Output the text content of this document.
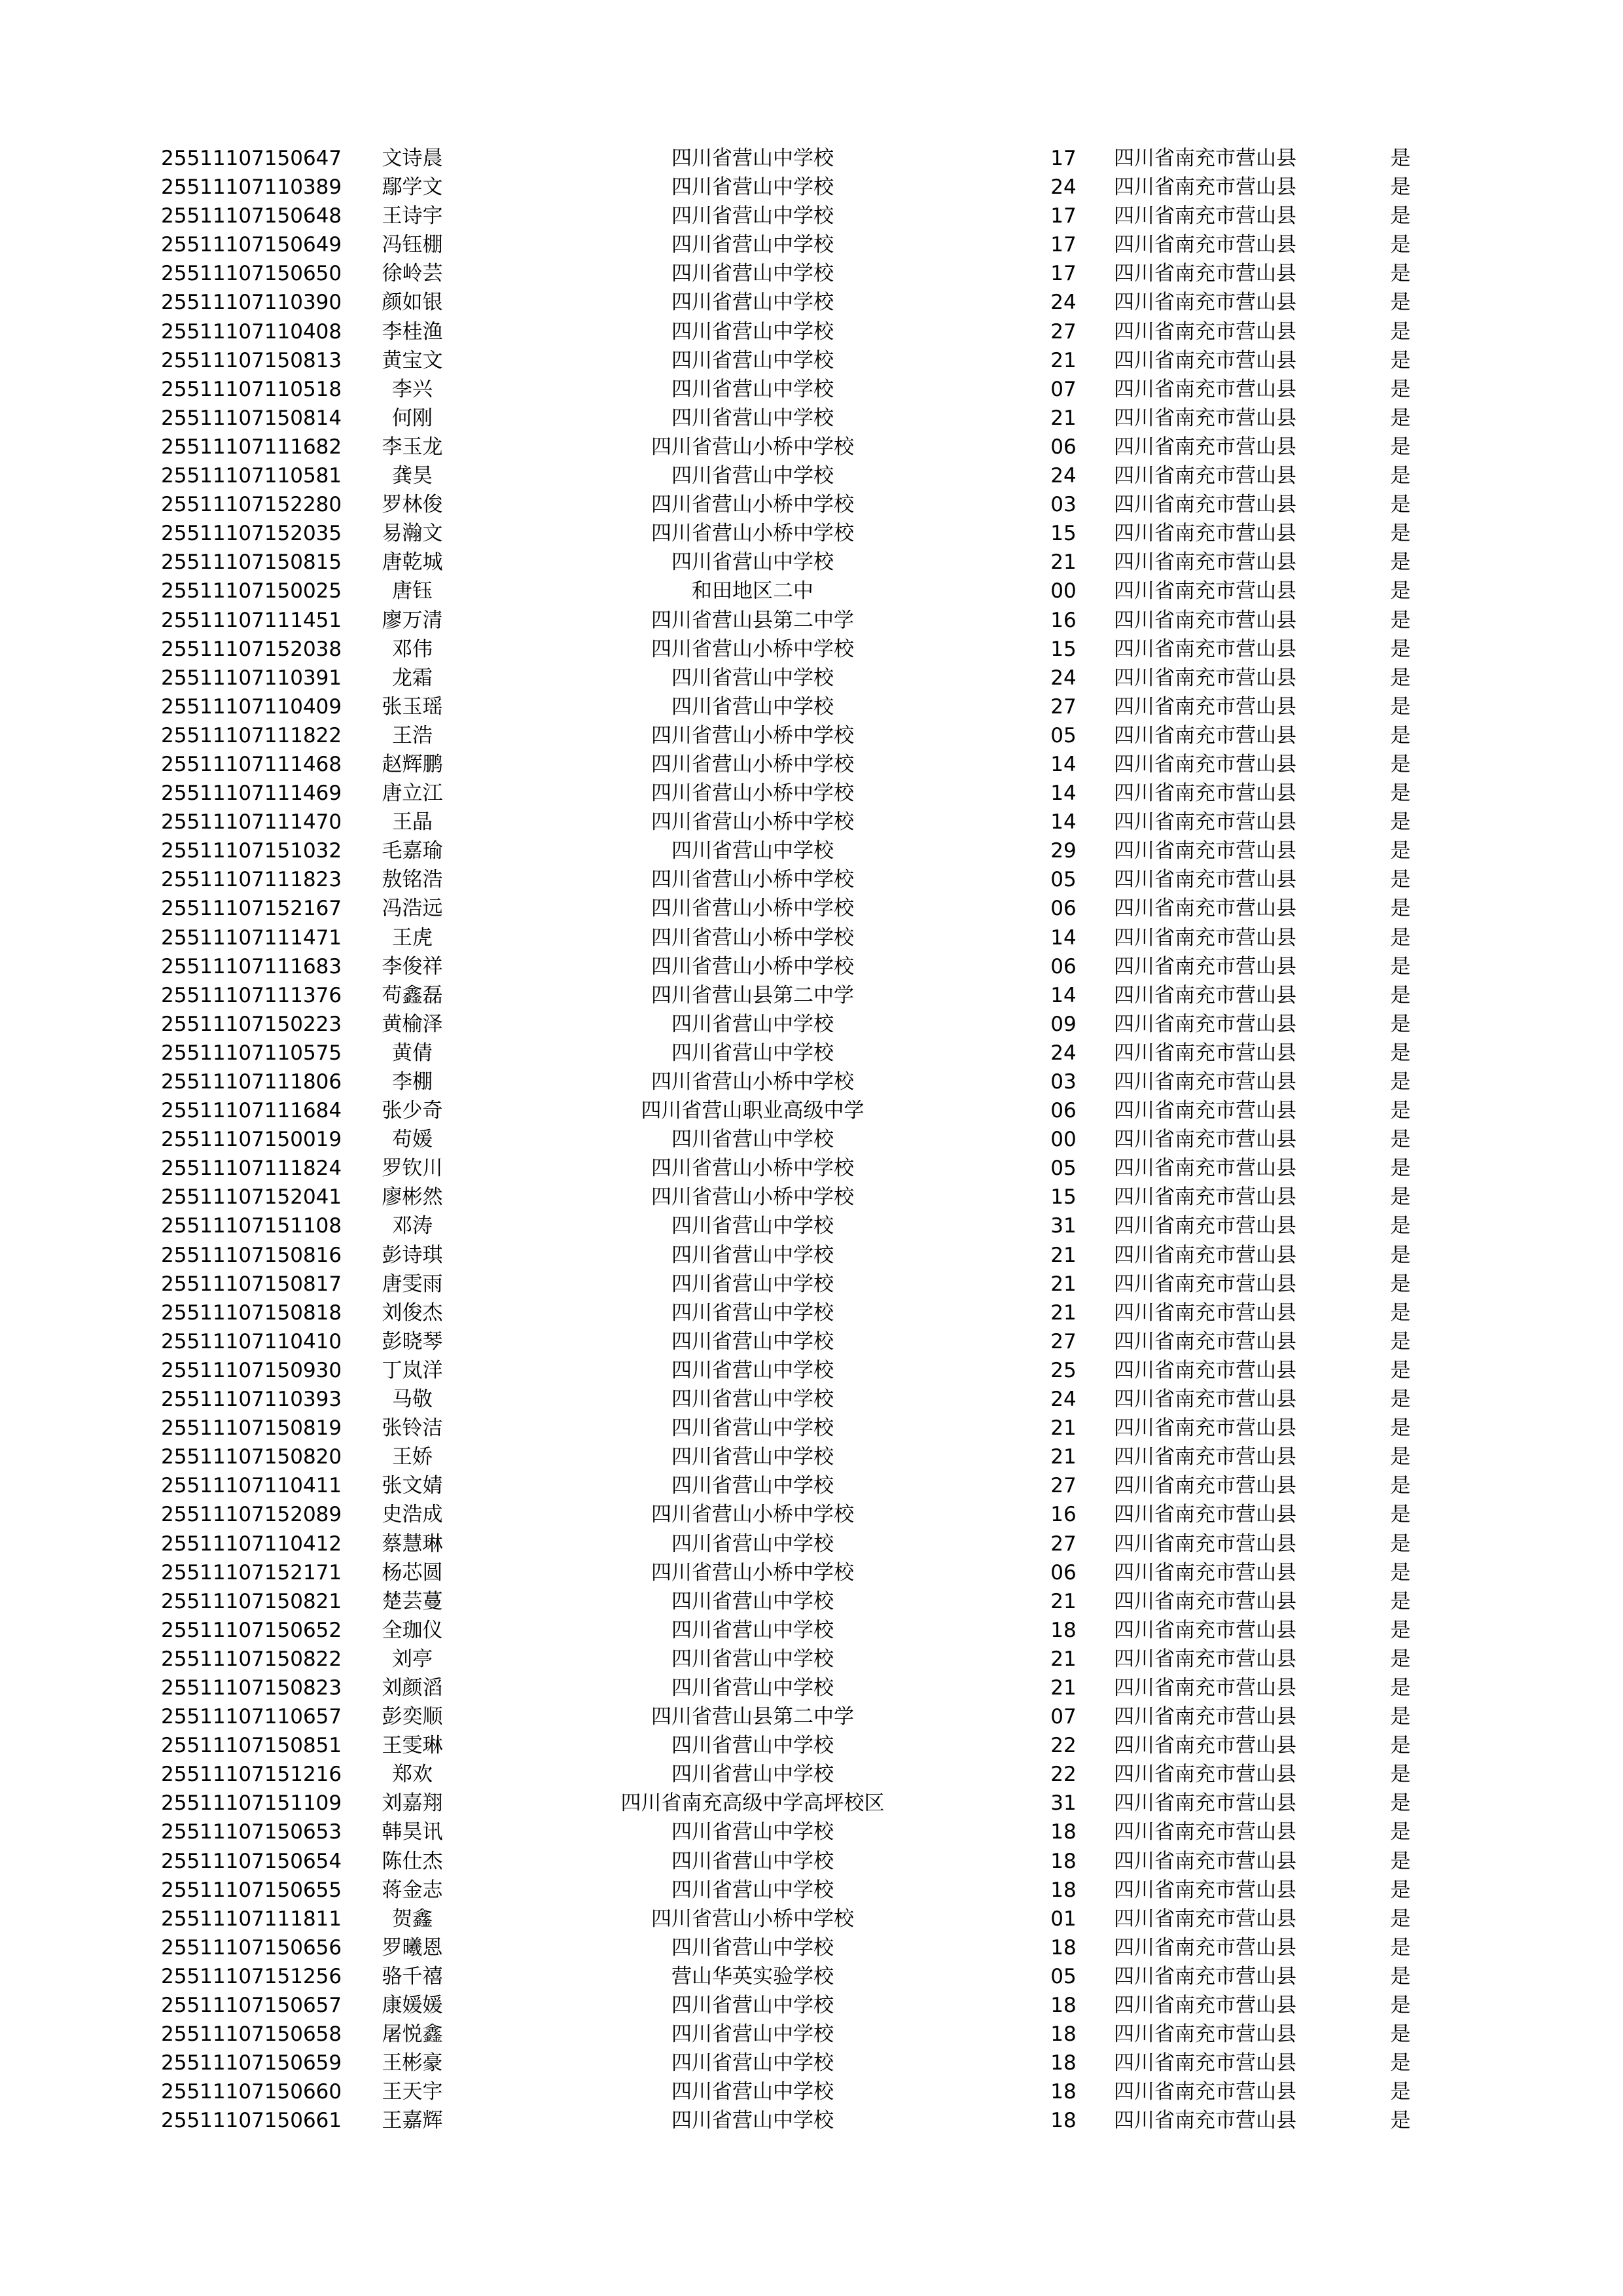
25511107150647	文诗晨	四川省营山中学校	17	四川省南充市营山县	是
25511107110389	鄢学文	四川省营山中学校	24	四川省南充市营山县	是
25511107150648	王诗宇	四川省营山中学校	17	四川省南充市营山县	是
25511107150649	冯钰棚	四川省营山中学校	17	四川省南充市营山县	是
25511107150650	徐岭芸	四川省营山中学校	17	四川省南充市营山县	是
25511107110390	颜如银	四川省营山中学校	24	四川省南充市营山县	是
25511107110408	李桂渔	四川省营山中学校	27	四川省南充市营山县	是
25511107150813	黄宝文	四川省营山中学校	21	四川省南充市营山县	是
25511107110518	李兴	四川省营山中学校	07	四川省南充市营山县	是
25511107150814	何刚	四川省营山中学校	21	四川省南充市营山县	是
25511107111682	李玉龙	四川省营山小桥中学校	06	四川省南充市营山县	是
25511107110581	龚昊	四川省营山中学校	24	四川省南充市营山县	是
25511107152280	罗林俊	四川省营山小桥中学校	03	四川省南充市营山县	是
25511107152035	易瀚文	四川省营山小桥中学校	15	四川省南充市营山县	是
25511107150815	唐乾城	四川省营山中学校	21	四川省南充市营山县	是
25511107150025	唐钰	和田地区二中	00	四川省南充市营山县	是
25511107111451	廖万清	四川省营山县第二中学	16	四川省南充市营山县	是
25511107152038	邓伟	四川省营山小桥中学校	15	四川省南充市营山县	是
25511107110391	龙霜	四川省营山中学校	24	四川省南充市营山县	是
25511107110409	张玉瑶	四川省营山中学校	27	四川省南充市营山县	是
25511107111822	王浩	四川省营山小桥中学校	05	四川省南充市营山县	是
25511107111468	赵辉鹏	四川省营山小桥中学校	14	四川省南充市营山县	是
25511107111469	唐立江	四川省营山小桥中学校	14	四川省南充市营山县	是
25511107111470	王晶	四川省营山小桥中学校	14	四川省南充市营山县	是
25511107151032	毛嘉瑜	四川省营山中学校	29	四川省南充市营山县	是
25511107111823	敖铭浩	四川省营山小桥中学校	05	四川省南充市营山县	是
25511107152167	冯浩远	四川省营山小桥中学校	06	四川省南充市营山县	是
25511107111471	王虎	四川省营山小桥中学校	14	四川省南充市营山县	是
25511107111683	李俊祥	四川省营山小桥中学校	06	四川省南充市营山县	是
25511107111376	苟鑫磊	四川省营山县第二中学	14	四川省南充市营山县	是
25511107150223	黄榆泽	四川省营山中学校	09	四川省南充市营山县	是
25511107110575	黄倩	四川省营山中学校	24	四川省南充市营山县	是
25511107111806	李棚	四川省营山小桥中学校	03	四川省南充市营山县	是
25511107111684	张少奇	四川省营山职业高级中学	06	四川省南充市营山县	是
25511107150019	苟媛	四川省营山中学校	00	四川省南充市营山县	是
25511107111824	罗钦川	四川省营山小桥中学校	05	四川省南充市营山县	是
25511107152041	廖彬然	四川省营山小桥中学校	15	四川省南充市营山县	是
25511107151108	邓涛	四川省营山中学校	31	四川省南充市营山县	是
25511107150816	彭诗琪	四川省营山中学校	21	四川省南充市营山县	是
25511107150817	唐雯雨	四川省营山中学校	21	四川省南充市营山县	是
25511107150818	刘俊杰	四川省营山中学校	21	四川省南充市营山县	是
25511107110410	彭晓琴	四川省营山中学校	27	四川省南充市营山县	是
25511107150930	丁岚洋	四川省营山中学校	25	四川省南充市营山县	是
25511107110393	马敬	四川省营山中学校	24	四川省南充市营山县	是
25511107150819	张铃洁	四川省营山中学校	21	四川省南充市营山县	是
25511107150820	王娇	四川省营山中学校	21	四川省南充市营山县	是
25511107110411	张文婧	四川省营山中学校	27	四川省南充市营山县	是
25511107152089	史浩成	四川省营山小桥中学校	16	四川省南充市营山县	是
25511107110412	蔡慧琳	四川省营山中学校	27	四川省南充市营山县	是
25511107152171	杨芯圆	四川省营山小桥中学校	06	四川省南充市营山县	是
25511107150821	楚芸蔓	四川省营山中学校	21	四川省南充市营山县	是
25511107150652	全珈仪	四川省营山中学校	18	四川省南充市营山县	是
25511107150822	刘亭	四川省营山中学校	21	四川省南充市营山县	是
25511107150823	刘颜滔	四川省营山中学校	21	四川省南充市营山县	是
25511107110657	彭奕顺	四川省营山县第二中学	07	四川省南充市营山县	是
25511107150851	王雯琳	四川省营山中学校	22	四川省南充市营山县	是
25511107151216	郑欢	四川省营山中学校	22	四川省南充市营山县	是
25511107151109	刘嘉翔	四川省南充高级中学高坪校区	31	四川省南充市营山县	是
25511107150653	韩昊讯	四川省营山中学校	18	四川省南充市营山县	是
25511107150654	陈仕杰	四川省营山中学校	18	四川省南充市营山县	是
25511107150655	蒋金志	四川省营山中学校	18	四川省南充市营山县	是
25511107111811	贺鑫	四川省营山小桥中学校	01	四川省南充市营山县	是
25511107150656	罗曦恩	四川省营山中学校	18	四川省南充市营山县	是
25511107151256	骆千禧	营山华英实验学校	05	四川省南充市营山县	是
25511107150657	康媛媛	四川省营山中学校	18	四川省南充市营山县	是
25511107150658	屠悦鑫	四川省营山中学校	18	四川省南充市营山县	是
25511107150659	王彬豪	四川省营山中学校	18	四川省南充市营山县	是
25511107150660	王天宇	四川省营山中学校	18	四川省南充市营山县	是
25511107150661	王嘉辉	四川省营山中学校	18	四川省南充市营山县	是
